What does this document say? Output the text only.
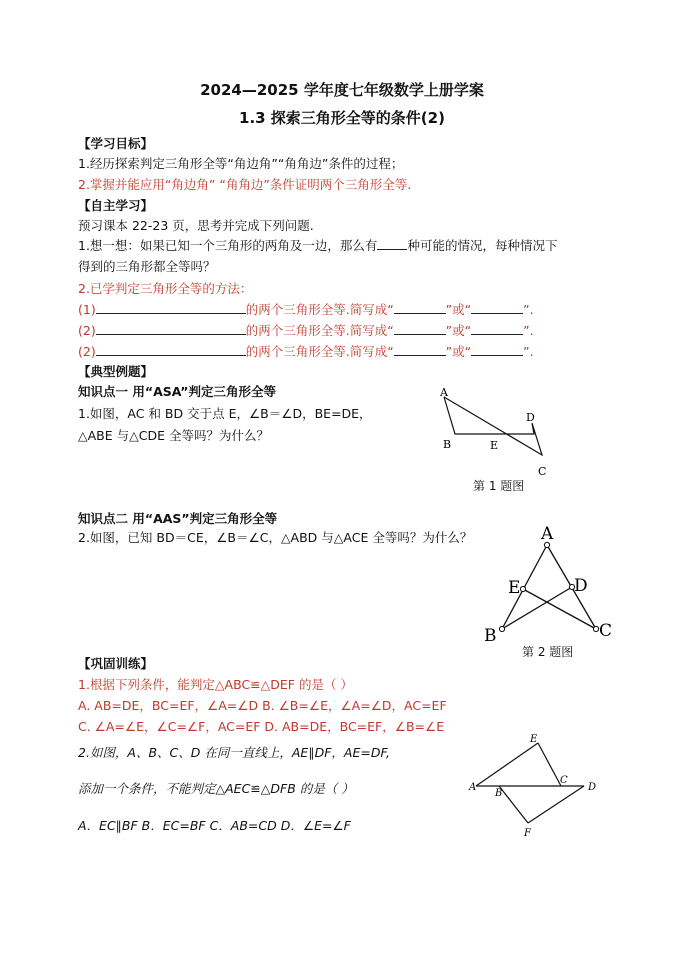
2024—2025 学年度七年级数学上册学案
1.3 探索三角形全等的条件(2)
【学习目标】
1.经历探索判定三角形全等“角边角”“角角边”条件的过程；
2.掌握并能应用“角边角” “角角边”条件证明两个三角形全等.
【自主学习】
预习课本 22-23 页，思考并完成下列问题.
1.想一想：如果已知一个三角形的两角及一边，那么有 种可能的情况，每种情况下
得到的三角形都全等吗？
2.已学判定三角形全等的方法：
(1)	的两个三角形全等.简写成“	”或“	”.
(2)	的两个三角形全等.简写成“	”或“	”.
(2)	的两个三角形全等.简写成“	”或“	”.
【典型例题】
知识点一 用“ASA”判定三角形全等
1.如图，AC 和 BD 交于点 E，∠B＝∠D，BE=DE，
△ABE 与△CDE 全等吗？为什么？
A
B
D
E
C
第 1 题图
知识点二 用“AAS”判定三角形全等
2.如图，已知 BD＝CE，∠B＝∠C，△ABD 与△ACE 全等吗？为什么？	A
B	C
D
E
第 2 题图
【巩固训练】
1.根据下列条件，能判定△ABC≌△DEF 的是（ ）
A. AB=DE，BC=EF，∠A=∠D B. ∠B=∠E，∠A=∠D，AC=EF
C. ∠A=∠E，∠C=∠F，AC=EF D. AB=DE，BC=EF，∠B=∠E
2.如图，A、B、C、D 在同一直线上，AE∥DF，AE=DF,
添加一个条件，不能判定△AEC≌△DFB 的是（ ）
A．EC∥BF B．EC=BF C．AB=CD D．∠E=∠F
A
B
C
D
E
F
